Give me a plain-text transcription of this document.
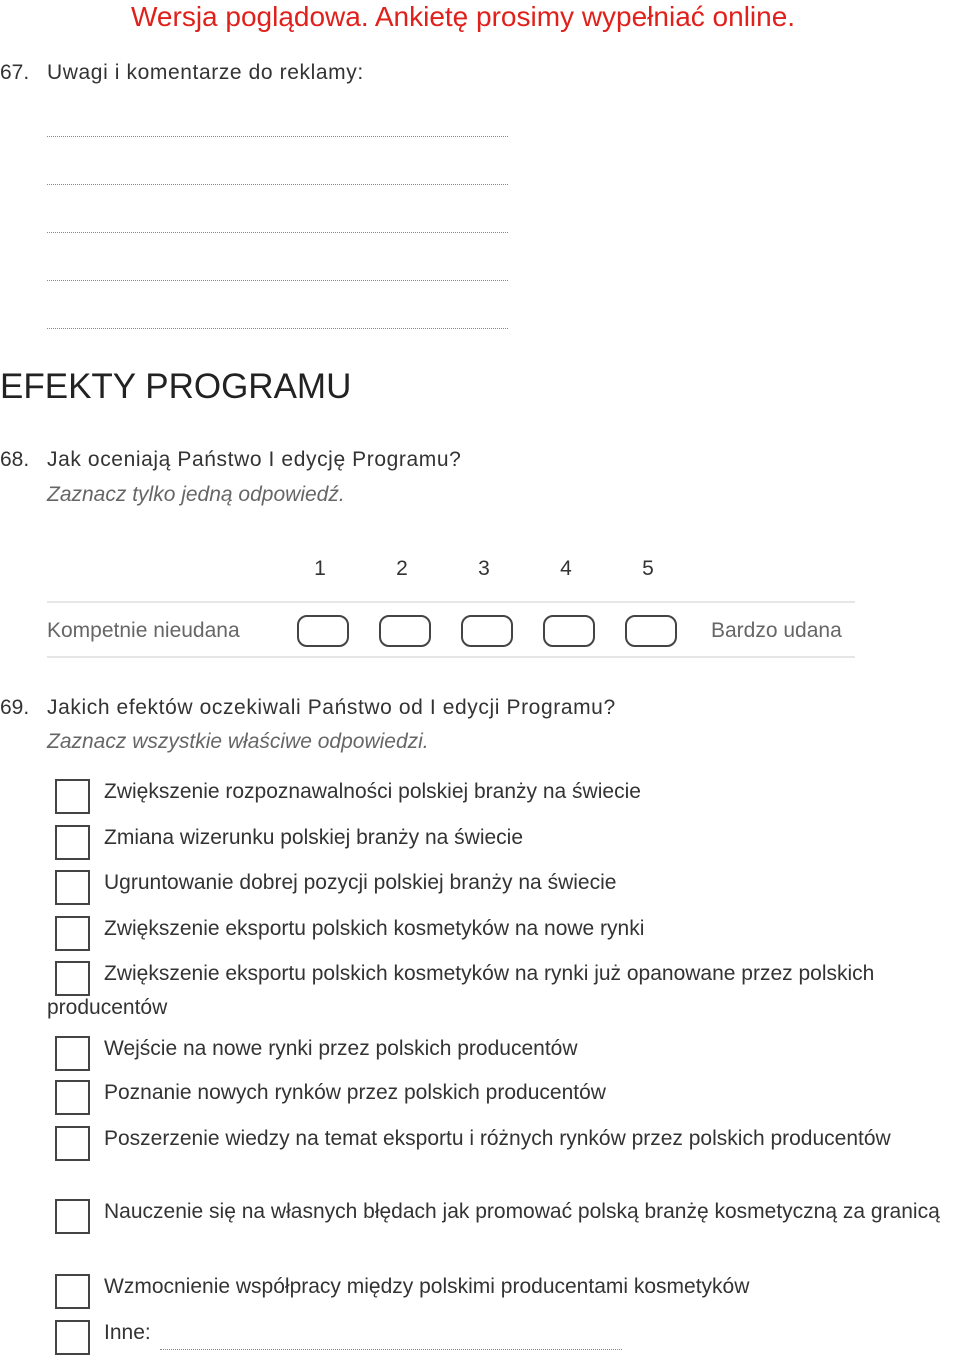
Wersja poglądowa. Ankietę prosimy wypełniać online.
67. Uwagi i komentarze do reklamy:
EFEKTY PROGRAMU
68. Jak oceniają Państwo I edycję Programu?
Zaznacz tylko jedną odpowiedź.
1	2	3	4	5
Kompetnie nieudana	Bardzo udana
69. Jakich efektów oczekiwali Państwo od I edycji Programu?
Zaznacz wszystkie właściwe odpowiedzi.
Zwiększenie rozpoznawalności polskiej branży na świecie
Zmiana wizerunku polskiej branży na świecie
Ugruntowanie dobrej pozycji polskiej branży na świecie
Zwiększenie eksportu polskich kosmetyków na nowe rynki
Zwiększenie eksportu polskich kosmetyków na rynki już opanowane przez polskich producentów
Wejście na nowe rynki przez polskich producentów
Poznanie nowych rynków przez polskich producentów
Poszerzenie wiedzy na temat eksportu i różnych rynków przez polskich producentów
Nauczenie się na własnych błędach jak promować polską branżę kosmetyczną za granicą
Wzmocnienie współpracy między polskimi producentami kosmetyków
Inne:
